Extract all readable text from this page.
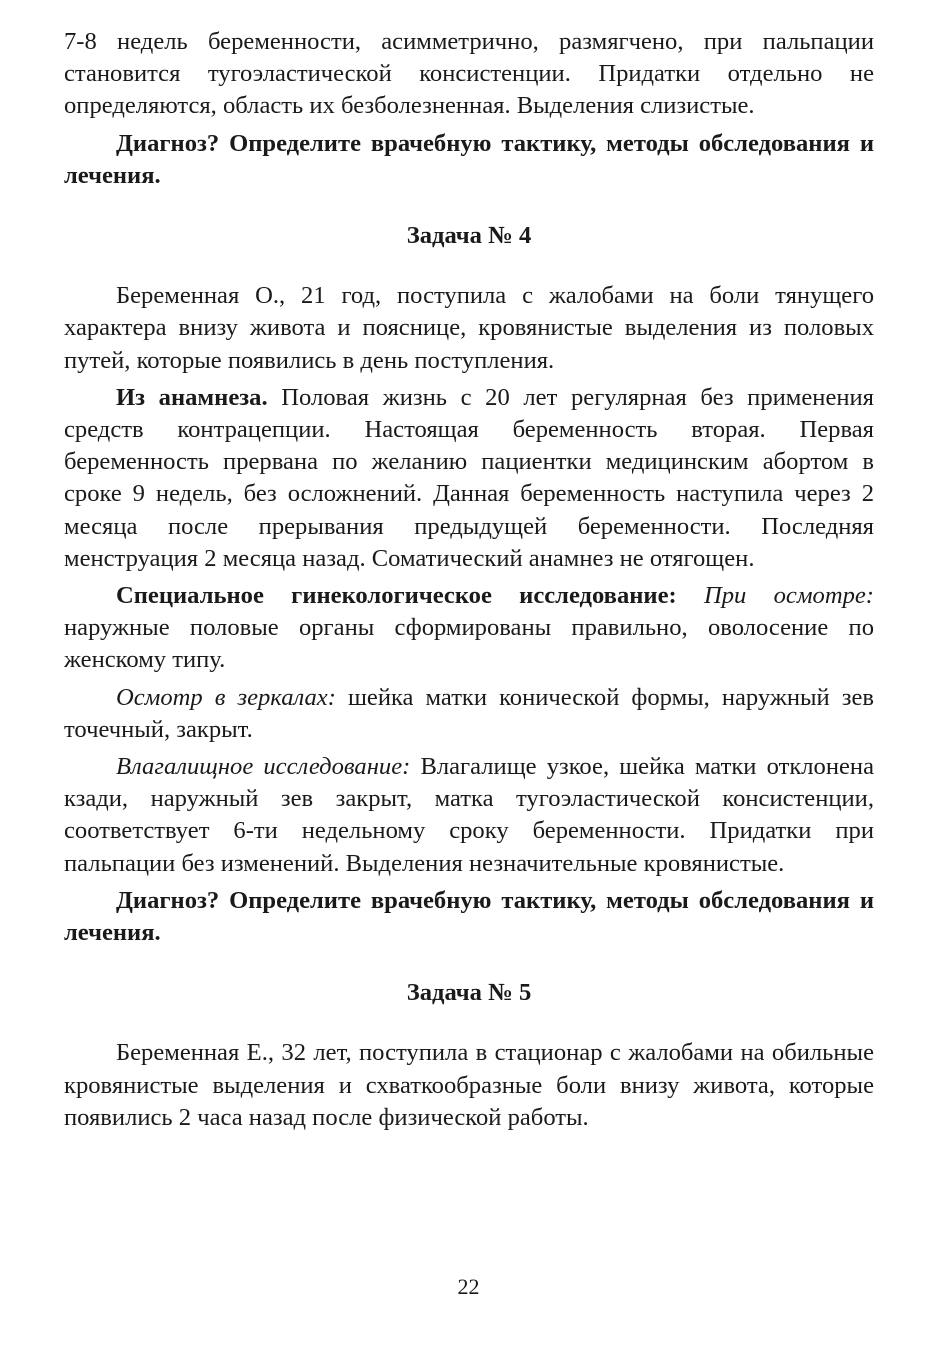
7-8 недель беременности, асимметрично, размягчено, при пальпации становится тугоэластической консистенции. Придатки отдельно не определяются, область их безболезненная. Выделения слизистые.

Диагноз? Определите врачебную тактику, методы обследования и лечения.

Задача № 4

Беременная О., 21 год, поступила с жалобами на боли тянущего характера внизу живота и пояснице, кровянистые выделения из половых путей, которые появились в день поступления.

Из анамнеза. Половая жизнь с 20 лет регулярная без применения средств контрацепции. Настоящая беременность вторая. Первая беременность прервана по желанию пациентки медицинским абортом в сроке 9 недель, без осложнений. Данная беременность наступила через 2 месяца после прерывания предыдущей беременности. Последняя менструация 2 месяца назад. Соматический анамнез не отягощен.

Специальное гинекологическое исследование: При осмотре: наружные половые органы сформированы правильно, оволосение по женскому типу.

Осмотр в зеркалах: шейка матки конической формы, наружный зев точечный, закрыт.

Влагалищное исследование: Влагалище узкое, шейка матки отклонена кзади, наружный зев закрыт, матка тугоэластической консистенции, соответствует 6-ти недельному сроку беременности. Придатки при пальпации без изменений. Выделения незначительные кровянистые.

Диагноз? Определите врачебную тактику, методы обследования и лечения.

Задача № 5

Беременная Е., 32 лет, поступила в стационар с жалобами на обильные кровянистые выделения и схваткообразные боли внизу живота, которые появились 2 часа назад после физической работы.

22
